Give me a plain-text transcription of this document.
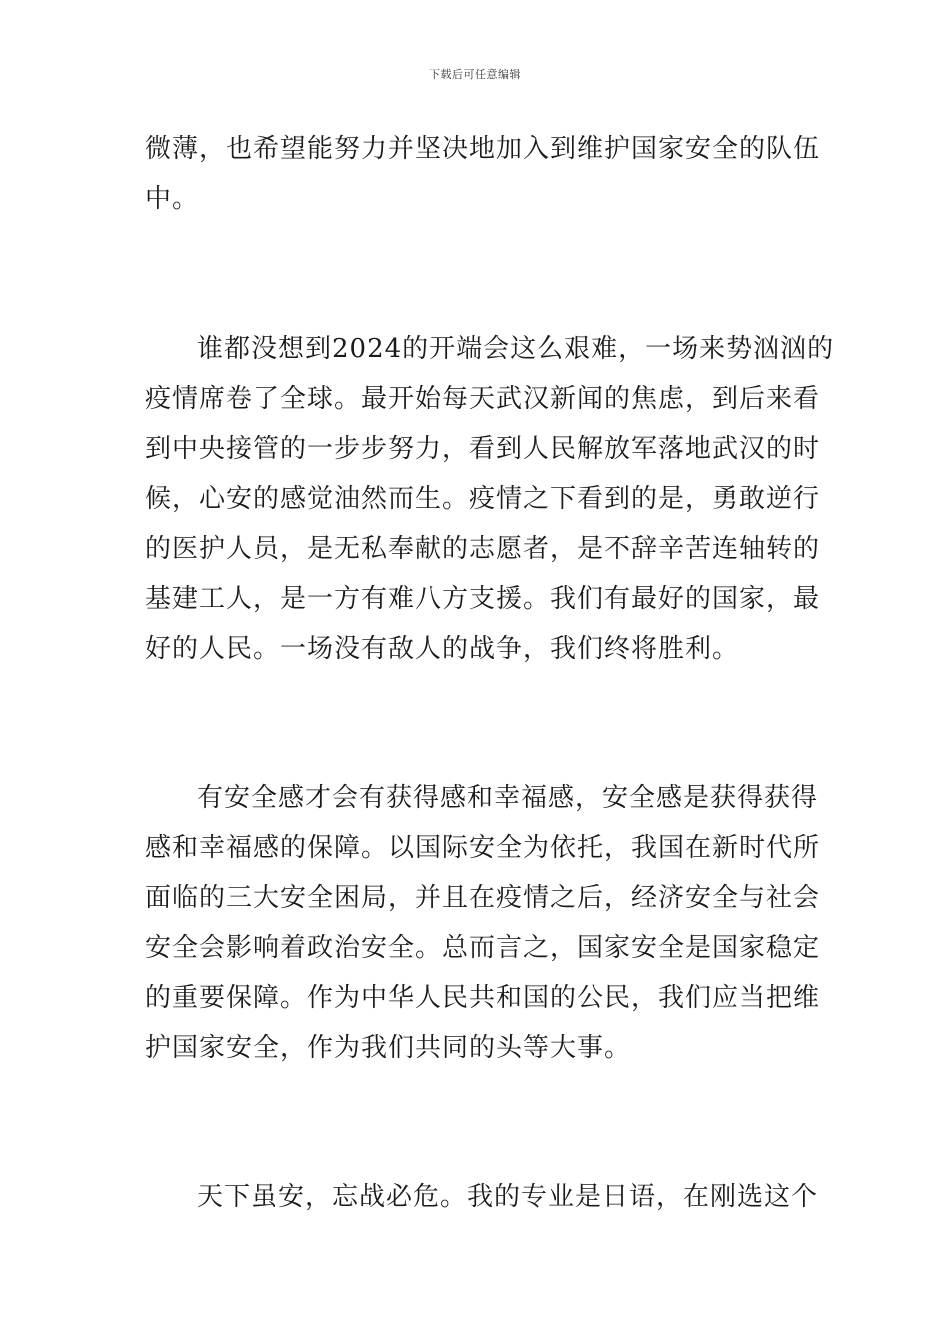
下载后可任意编辑
微薄，也希望能努力并坚决地加入到维护国家安全的队伍
中。
谁都没想到2024的开端会这么艰难，一场来势汹汹的
疫情席卷了全球。最开始每天武汉新闻的焦虑，到后来看
到中央接管的一步步努力，看到人民解放军落地武汉的时
候，心安的感觉油然而生。疫情之下看到的是，勇敢逆行
的医护人员，是无私奉献的志愿者，是不辞辛苦连轴转的
基建工人，是一方有难八方支援。我们有最好的国家，最
好的人民。一场没有敌人的战争，我们终将胜利。
有安全感才会有获得感和幸福感，安全感是获得获得
感和幸福感的保障。以国际安全为依托，我国在新时代所
面临的三大安全困局，并且在疫情之后，经济安全与社会
安全会影响着政治安全。总而言之，国家安全是国家稳定
的重要保障。作为中华人民共和国的公民，我们应当把维
护国家安全，作为我们共同的头等大事。
天下虽安，忘战必危。我的专业是日语，在刚选这个
